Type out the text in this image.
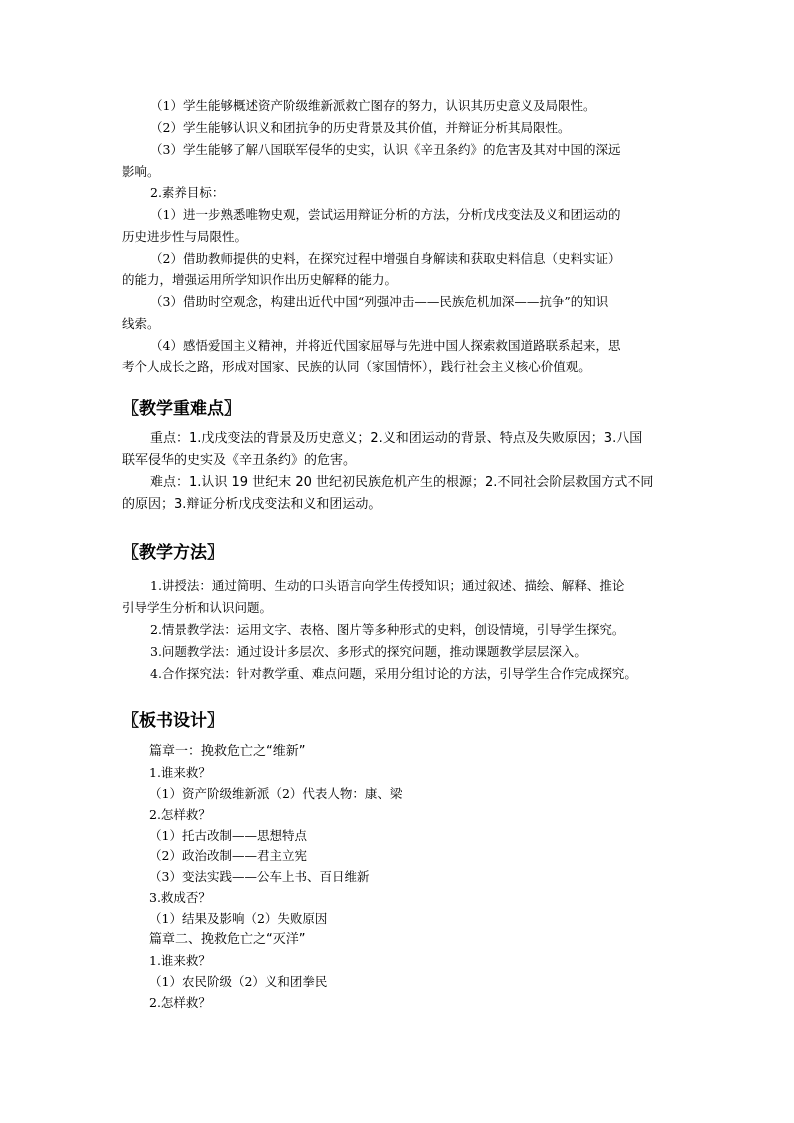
（1）学生能够概述资产阶级维新派救亡图存的努力，认识其历史意义及局限性。
（2）学生能够认识义和团抗争的历史背景及其价值，并辩证分析其局限性。
（3）学生能够了解八国联军侵华的史实，认识《辛丑条约》的危害及其对中国的深远
影响。
2.素养目标：
（1）进一步熟悉唯物史观，尝试运用辩证分析的方法，分析戊戌变法及义和团运动的
历史进步性与局限性。
（2）借助教师提供的史料，在探究过程中增强自身解读和获取史料信息（史料实证）
的能力，增强运用所学知识作出历史解释的能力。
（3）借助时空观念，构建出近代中国“列强冲击——民族危机加深——抗争”的知识
线索。
（4）感悟爱国主义精神，并将近代国家屈辱与先进中国人探索救国道路联系起来，思
考个人成长之路，形成对国家、民族的认同（家国情怀），践行社会主义核心价值观。
〖教学重难点〗
重点：1.戊戌变法的背景及历史意义；2.义和团运动的背景、特点及失败原因；3.八国
联军侵华的史实及《辛丑条约》的危害。
难点：1.认识 19 世纪末 20 世纪初民族危机产生的根源；2.不同社会阶层救国方式不同
的原因；3.辩证分析戊戌变法和义和团运动。
〖教学方法〗
1.讲授法：通过简明、生动的口头语言向学生传授知识；通过叙述、描绘、解释、推论
引导学生分析和认识问题。
2.情景教学法：运用文字、表格、图片等多种形式的史料，创设情境，引导学生探究。
3.问题教学法：通过设计多层次、多形式的探究问题，推动课题教学层层深入。
4.合作探究法：针对教学重、难点问题，采用分组讨论的方法，引导学生合作完成探究。
〖板书设计〗
篇章一：挽救危亡之“维新”
1.谁来救？
（1）资产阶级维新派（2）代表人物：康、梁
2.怎样救？
（1）托古改制——思想特点
（2）政治改制——君主立宪
（3）变法实践——公车上书、百日维新
3.救成否？
（1）结果及影响（2）失败原因
篇章二、挽救危亡之“灭洋”
1.谁来救？
（1）农民阶级（2）义和团拳民
2.怎样救？
